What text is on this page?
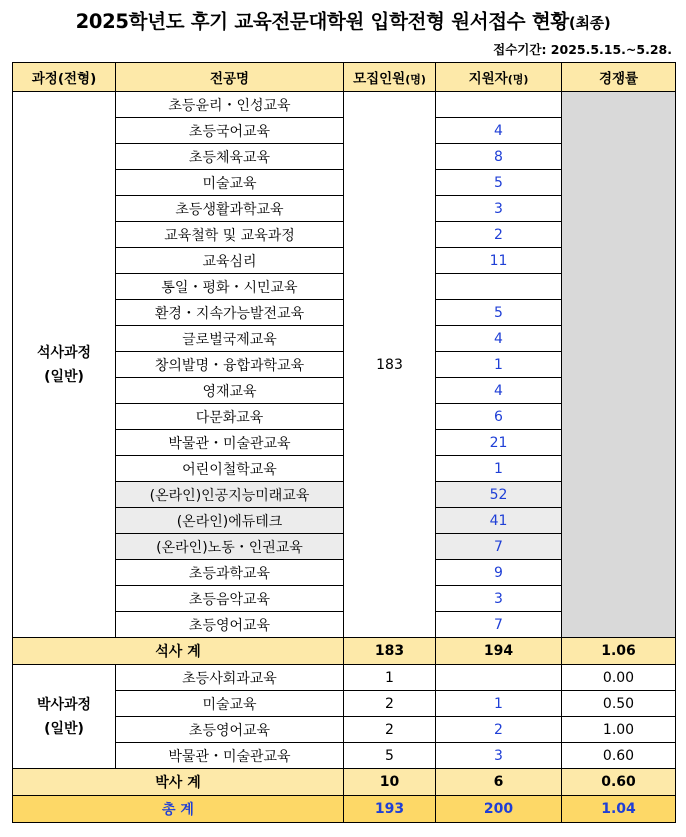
2025학년도 후기 교육전문대학원 입학전형 원서접수 현황(최종)
접수기간: 2025.5.15.~5.28.
과정(전형)	전공명	모집인원(명)	지원자(명)	경쟁률

석사과정
(일반)	초등윤리・인성교육	183		
	초등국어교육		4	
	초등체육교육		8	
	미술교육		5	
	초등생활과학교육		3	
	교육철학 및 교육과정		2	
	교육심리		11	
	통일・평화・시민교육			
	환경・지속가능발전교육		5	
	글로벌국제교육		4	
	창의발명・융합과학교육		1	
	영재교육		4	
	다문화교육		6	
	박물관・미술관교육		21	
	어린이철학교육		1	
	(온라인)인공지능미래교육		52	
	(온라인)에듀테크		41	
	(온라인)노동・인권교육		7	
	초등과학교육		9	
	초등음악교육		3	
	초등영어교육		7	
석사 계		183	194	1.06

박사과정
(일반)	초등사회과교육	1		0.00
	미술교육	2	1	0.50
	초등영어교육	2	2	1.00
	박물관・미술관교육	5	3	0.60
박사 계		10	6	0.60
총 계		193	200	1.04
